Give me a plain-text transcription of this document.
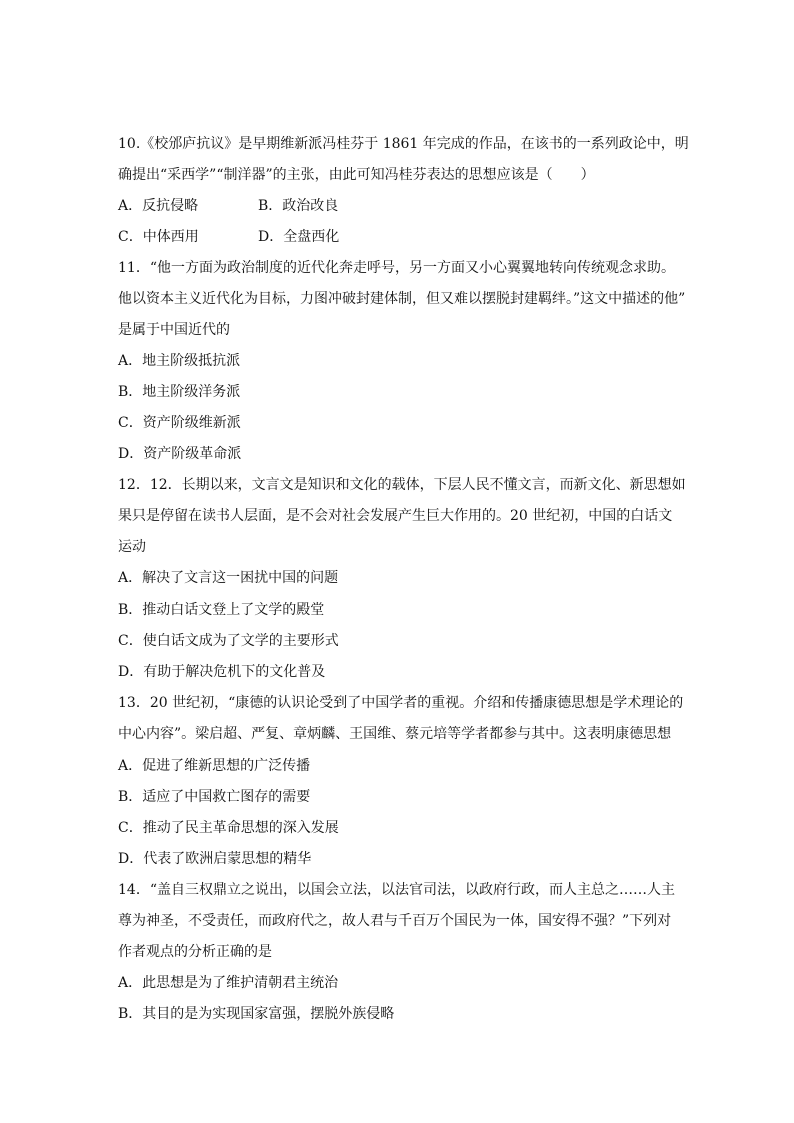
10.《校邠庐抗议》是早期维新派冯桂芬于 1861 年完成的作品，在该书的一系列政论中，明
确提出“采西学”“制洋器”的主张，由此可知冯桂芬表达的思想应该是（　　）
A．反抗侵略	B．政治改良
C．中体西用	D．全盘西化
11．“他一方面为政治制度的近代化奔走呼号，另一方面又小心翼翼地转向传统观念求助。
他以资本主义近代化为目标，力图冲破封建体制，但又难以摆脱封建羁绊。”这文中描述的他”
是属于中国近代的
A．地主阶级抵抗派
B．地主阶级洋务派
C．资产阶级维新派
D．资产阶级革命派
12．12．长期以来，文言文是知识和文化的载体，下层人民不懂文言，而新文化、新思想如
果只是停留在读书人层面，是不会对社会发展产生巨大作用的。20 世纪初，中国的白话文
运动
A．解决了文言这一困扰中国的问题
B．推动白话文登上了文学的殿堂
C．使白话文成为了文学的主要形式
D．有助于解决危机下的文化普及
13．20 世纪初，“康德的认识论受到了中国学者的重视。介绍和传播康德思想是学术理论的
中心内容”。梁启超、严复、章炳麟、王国维、蔡元培等学者都参与其中。这表明康德思想
A．促进了维新思想的广泛传播
B．适应了中国救亡图存的需要
C．推动了民主革命思想的深入发展
D．代表了欧洲启蒙思想的精华
14．“盖自三权鼎立之说出，以国会立法，以法官司法，以政府行政，而人主总之……人主
尊为神圣，不受责任，而政府代之，故人君与千百万个国民为一体，国安得不强？”下列对
作者观点的分析正确的是
A．此思想是为了维护清朝君主统治
B．其目的是为实现国家富强，摆脱外族侵略
